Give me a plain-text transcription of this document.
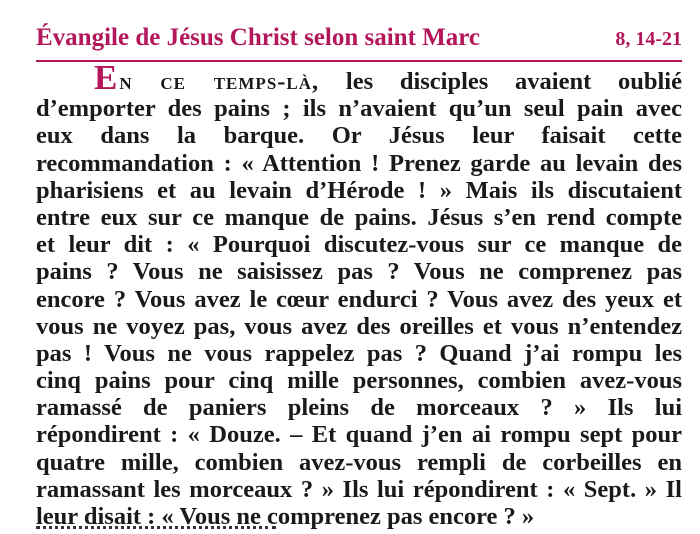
Évangile de Jésus Christ selon saint Marc	8, 14-21
En ce temps-là, les disciples avaient oublié
d’emporter des pains ; ils n’avaient qu’un seul pain avec
eux dans la barque. Or Jésus leur faisait cette
recommandation : « Attention ! Prenez garde au levain des
pharisiens et au levain d’Hérode ! » Mais ils discutaient
entre eux sur ce manque de pains. Jésus s’en rend compte
et leur dit : « Pourquoi discutez-vous sur ce manque de
pains ? Vous ne saisissez pas ? Vous ne comprenez pas
encore ? Vous avez le cœur endurci ? Vous avez des yeux et
vous ne voyez pas, vous avez des oreilles et vous n’entendez
pas ! Vous ne vous rappelez pas ? Quand j’ai rompu les
cinq pains pour cinq mille personnes, combien avez-vous
ramassé de paniers pleins de morceaux ? » Ils lui
répondirent : « Douze. – Et quand j’en ai rompu sept pour
quatre mille, combien avez-vous rempli de corbeilles en
ramassant les morceaux ? » Ils lui répondirent : « Sept. » Il
leur disait : « Vous ne comprenez pas encore ? »
